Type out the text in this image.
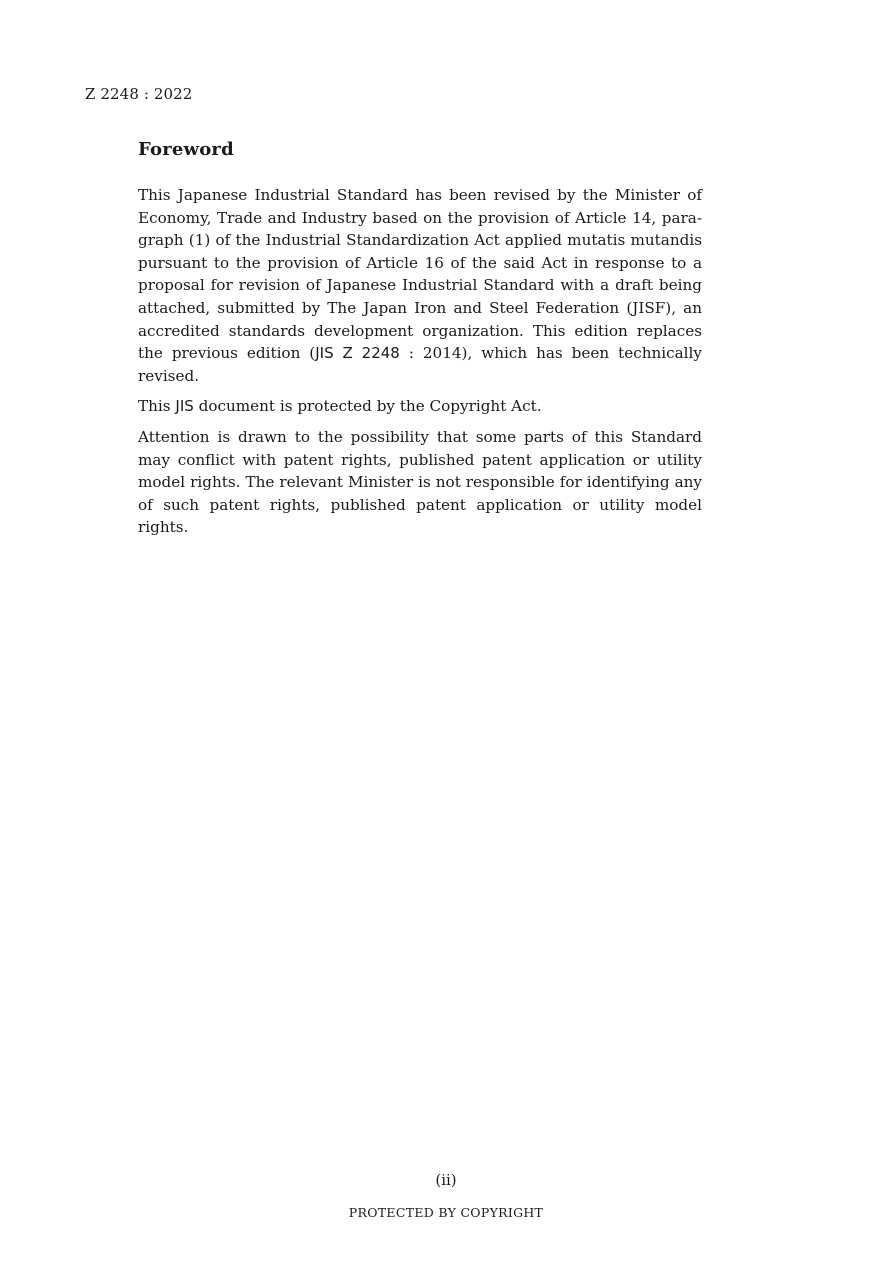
Z 2248 : 2022
Foreword

This Japanese Industrial Standard has been revised by the Minister of Economy, Trade and Industry based on the provision of Article 14, para-graph (1) of the Industrial Standardization Act applied mutatis mutandis pursuant to the provision of Article 16 of the said Act in response to a proposal for revision of Japanese Industrial Standard with a draft being attached, submitted by The Japan Iron and Steel Federation (JISF), an accredited standards development organization. This edition replaces the previous edition (JIS Z 2248 : 2014), which has been technically revised.

This JIS document is protected by the Copyright Act.

Attention is drawn to the possibility that some parts of this Standard may conflict with patent rights, published patent application or utility model rights. The relevant Minister is not responsible for identifying any of such patent rights, published patent application or utility model rights.

(ii)
PROTECTED BY COPYRIGHT
